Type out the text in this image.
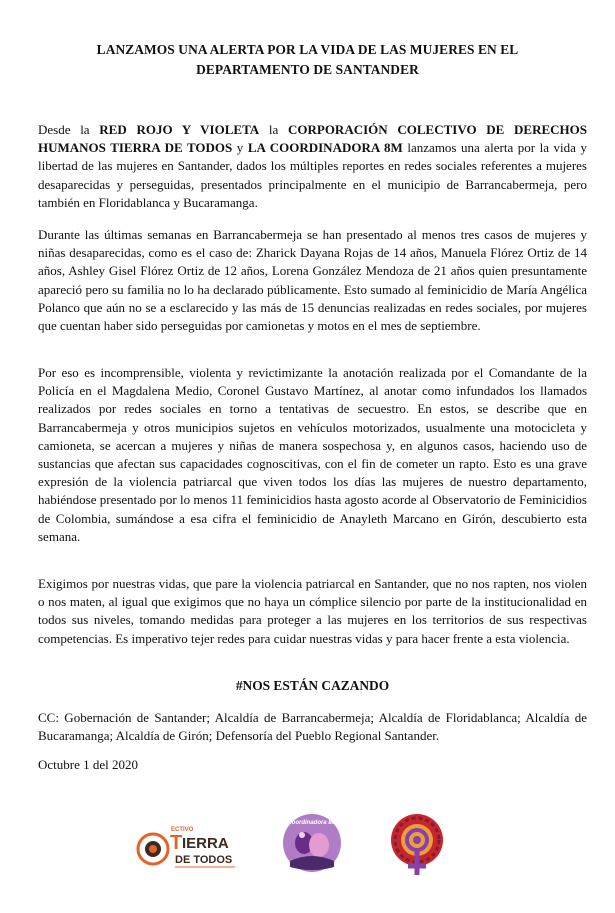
LANZAMOS UNA ALERTA POR LA VIDA DE LAS MUJERES EN EL DEPARTAMENTO DE SANTANDER
Desde la RED ROJO Y VIOLETA la CORPORACIÓN COLECTIVO DE DERECHOS HUMANOS TIERRA DE TODOS y LA COORDINADORA 8M lanzamos una alerta por la vida y libertad de las mujeres en Santander, dados los múltiples reportes en redes sociales referentes a mujeres desaparecidas y perseguidas, presentados principalmente en el municipio de Barrancabermeja, pero también en Floridablanca y Bucaramanga.
Durante las últimas semanas en Barrancabermeja se han presentado al menos tres casos de mujeres y niñas desaparecidas, como es el caso de: Zharick Dayana Rojas de 14 años, Manuela Flórez Ortiz de 14 años, Ashley Gisel Flórez Ortiz de 12 años, Lorena González Mendoza de 21 años quien presuntamente apareció pero su familia no lo ha declarado públicamente. Esto sumado al feminicidio de María Angélica Polanco que aún no se a esclarecido y las más de 15 denuncias realizadas en redes sociales, por mujeres que cuentan haber sido perseguidas por camionetas y motos en el mes de septiembre.
Por eso es incomprensible, violenta y revictimizante la anotación realizada por el Comandante de la Policía en el Magdalena Medio, Coronel Gustavo Martínez, al anotar como infundados los llamados realizados por redes sociales en torno a tentativas de secuestro. En estos, se describe que en Barrancabermeja y otros municipios sujetos en vehículos motorizados, usualmente una motocicleta y camioneta, se acercan a mujeres y niñas de manera sospechosa y, en algunos casos, haciendo uso de sustancias que afectan sus capacidades cognoscitivas, con el fin de cometer un rapto. Esto es una grave expresión de la violencia patriarcal que viven todos los días las mujeres de nuestro departamento, habiéndose presentado por lo menos 11 feminicidios hasta agosto acorde al Observatorio de Feminicidios de Colombia, sumándose a esa cifra el feminicidio de Anayleth Marcano en Girón, descubierto esta semana.
Exigimos por nuestras vidas, que pare la violencia patriarcal en Santander, que no nos rapten, nos violen o nos maten, al igual que exigimos que no haya un cómplice silencio por parte de la institucionalidad en todos sus niveles, tomando medidas para proteger a las mujeres en los territorios de sus respectivas competencias. Es imperativo tejer redes para cuidar nuestras vidas y para hacer frente a esta violencia.
#NOS ESTÁN CAZANDO
CC: Gobernación de Santander; Alcaldía de Barrancabermeja; Alcaldía de Floridablanca; Alcaldía de Bucaramanga; Alcaldía de Girón; Defensoría del Pueblo Regional Santander.
Octubre 1 del 2020
ECTIVO
T IERRA
DE TODOS
Coordinadora 8M
